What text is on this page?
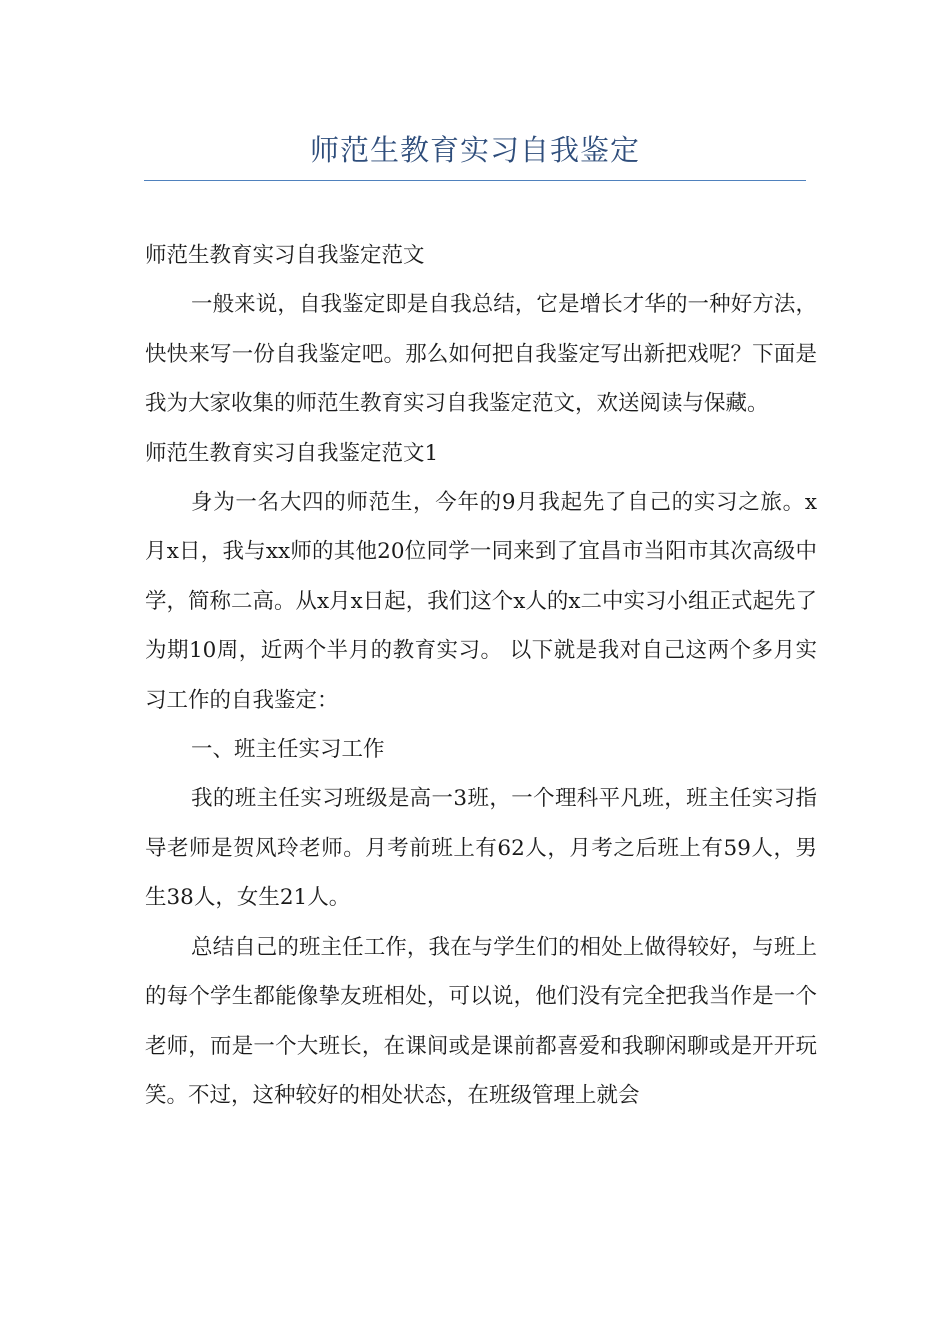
师范生教育实习自我鉴定

师范生教育实习自我鉴定范文

一般来说，自我鉴定即是自我总结，它是增长才华的一种好方法，快快来写一份自我鉴定吧。那么如何把自我鉴定写出新把戏呢？下面是我为大家收集的师范生教育实习自我鉴定范文，欢送阅读与保藏。

师范生教育实习自我鉴定范文1

身为一名大四的师范生，今年的9月我起先了自己的实习之旅。x月x日，我与xx师的其他20位同学一同来到了宜昌市当阳市其次高级中学，简称二高。从x月x日起，我们这个x人的x二中实习小组正式起先了为期10周，近两个半月的教育实习。 以下就是我对自己这两个多月实习工作的自我鉴定：

一、班主任实习工作

我的班主任实习班级是高一3班，一个理科平凡班，班主任实习指导老师是贺风玲老师。月考前班上有62人，月考之后班上有59人，男生38人，女生21人。

总结自己的班主任工作，我在与学生们的相处上做得较好，与班上的每个学生都能像挚友班相处，可以说，他们没有完全把我当作是一个老师，而是一个大班长，在课间或是课前都喜爱和我聊闲聊或是开开玩笑。不过，这种较好的相处状态，在班级管理上就会
